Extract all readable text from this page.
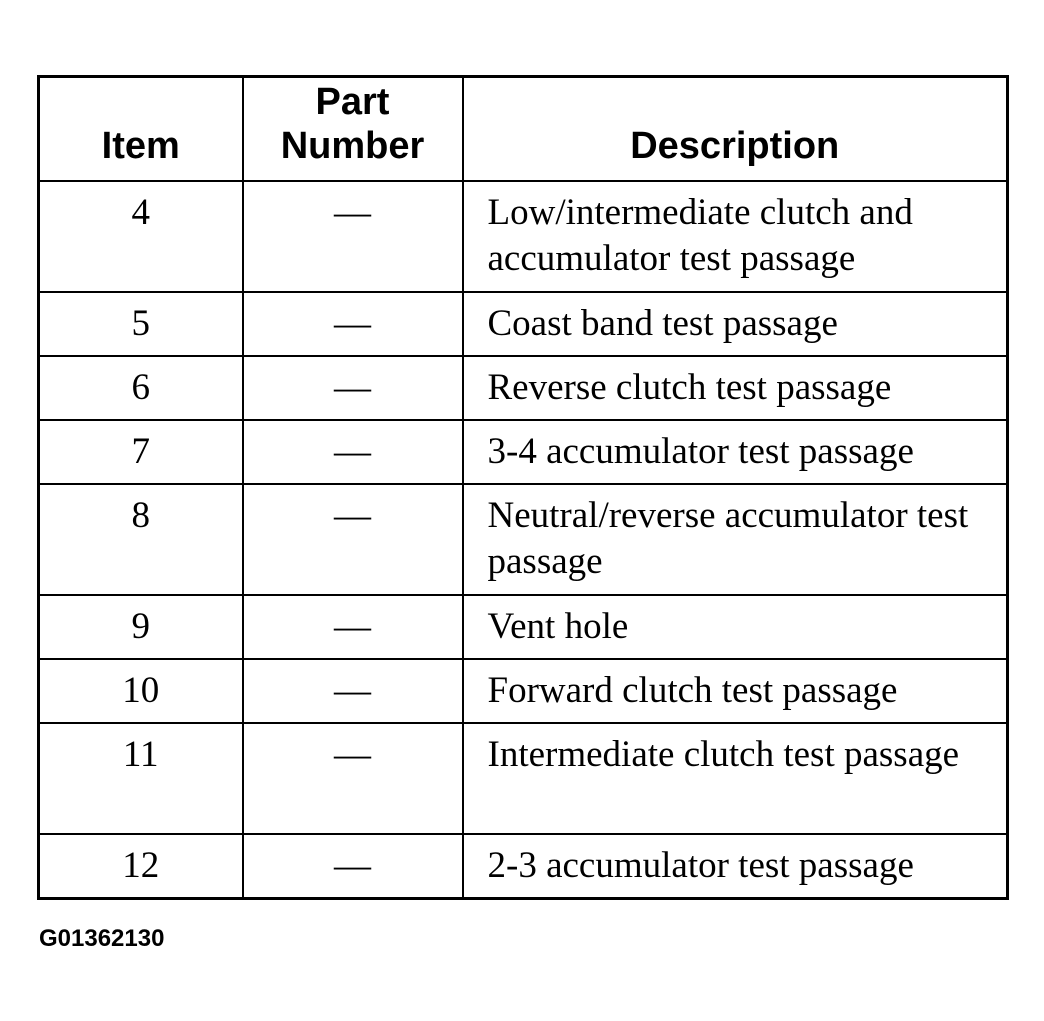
Item	Part Number	Description
4	—	Low/intermediate clutch and accumulator test passage
5	—	Coast band test passage
6	—	Reverse clutch test passage
7	—	3-4 accumulator test passage
8	—	Neutral/reverse accumulator test passage
9	—	Vent hole
10	—	Forward clutch test passage
11	—	Intermediate clutch test passage
12	—	2-3 accumulator test passage
G01362130
